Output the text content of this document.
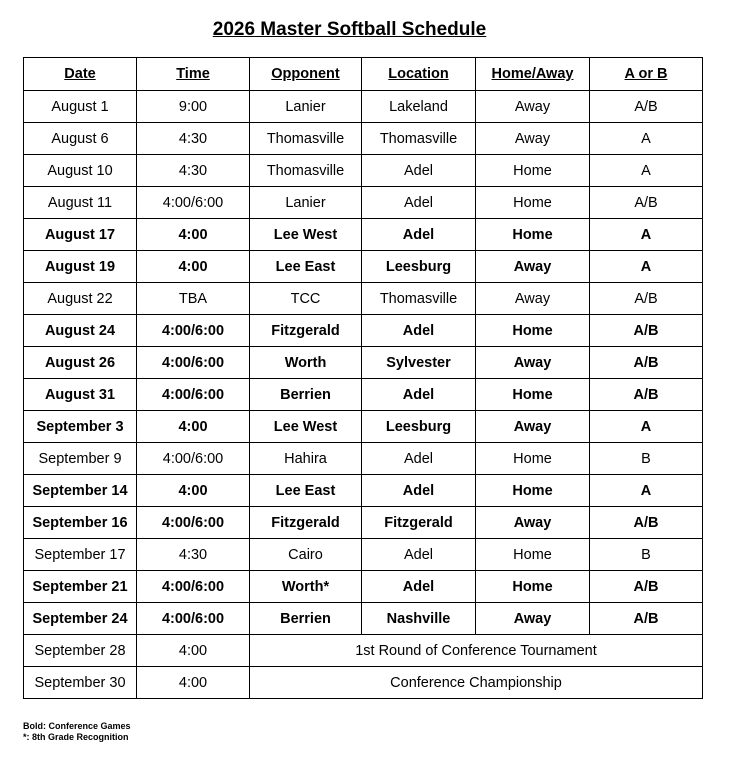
2026 Master Softball Schedule
Date	Time	Opponent	Location	Home/Away	A or B
August 1	9:00	Lanier	Lakeland	Away	A/B
August 6	4:30	Thomasville	Thomasville	Away	A
August 10	4:30	Thomasville	Adel	Home	A
August 11	4:00/6:00	Lanier	Adel	Home	A/B
August 17	4:00	Lee West	Adel	Home	A
August 19	4:00	Lee East	Leesburg	Away	A
August 22	TBA	TCC	Thomasville	Away	A/B
August 24	4:00/6:00	Fitzgerald	Adel	Home	A/B
August 26	4:00/6:00	Worth	Sylvester	Away	A/B
August 31	4:00/6:00	Berrien	Adel	Home	A/B
September 3	4:00	Lee West	Leesburg	Away	A
September 9	4:00/6:00	Hahira	Adel	Home	B
September 14	4:00	Lee East	Adel	Home	A
September 16	4:00/6:00	Fitzgerald	Fitzgerald	Away	A/B
September 17	4:30	Cairo	Adel	Home	B
September 21	4:00/6:00	Worth*	Adel	Home	A/B
September 24	4:00/6:00	Berrien	Nashville	Away	A/B
September 28	4:00	1st Round of Conference Tournament			
September 30	4:00	Conference Championship			
Bold: Conference Games
*: 8th Grade Recognition
